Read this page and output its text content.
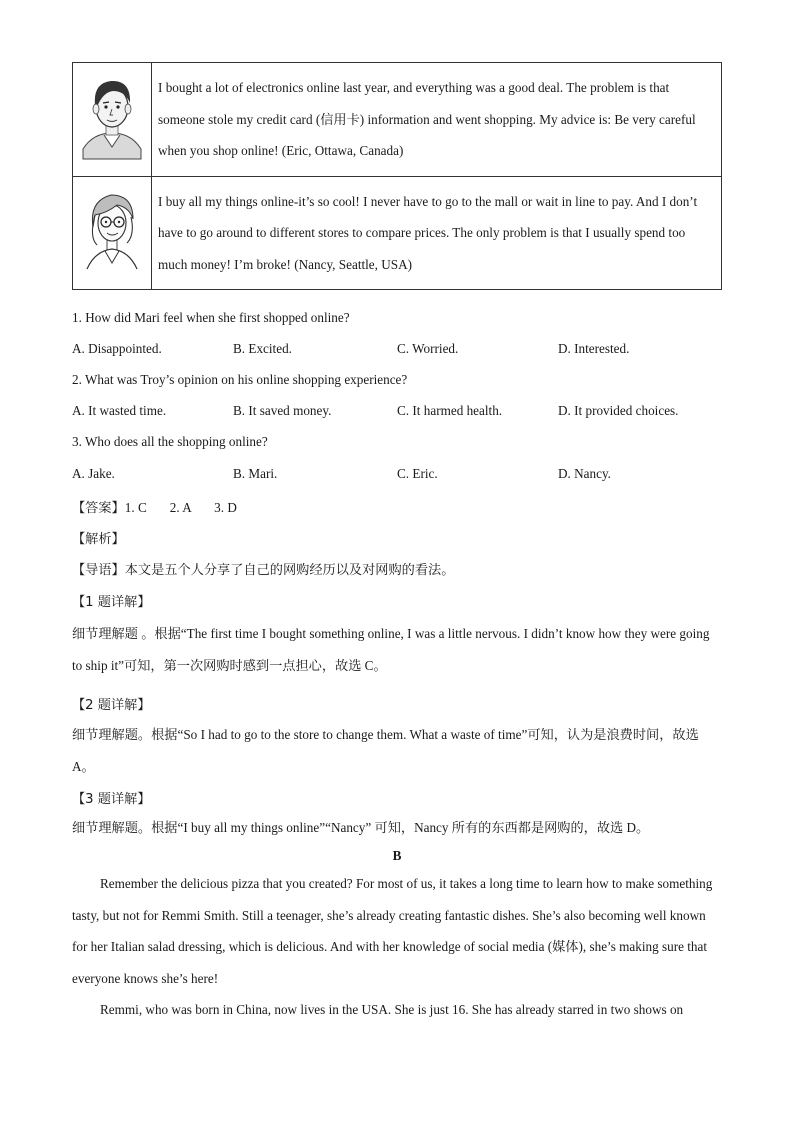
	I bought a lot of electronics online last year, and everything was a good deal. The problem is that someone stole my credit card (信用卡) information and went shopping. My advice is: Be very careful when you shop online! (Eric, Ottawa, Canada)
	I buy all my things online-it’s so cool! I never have to go to the mall or wait in line to pay. And I don’t have to go around to different stores to compare prices. The only problem is that I usually spend too much money! I’m broke! (Nancy, Seattle, USA)
1. How did Mari feel when she first shopped online?
A. Disappointed.	B. Excited.	C. Worried.	D. Interested.
2. What was Troy’s opinion on his online shopping experience?
A. It wasted time.	B. It saved money.	C. It harmed health.	D. It provided choices.
3. Who does all the shopping online?
A. Jake.	B. Mari.	C. Eric.	D. Nancy.
【答案】1. C       2. A       3. D
【解析】
【导语】本文是五个人分享了自己的网购经历以及对网购的看法。
【1 题详解】
细节理解题 。根据“The first time I bought something online, I was a little nervous. I didn’t know how they were going to ship it”可知，第一次网购时感到一点担心，故选 C。
【2 题详解】
细节理解题。根据“So I had to go to the store to change them. What a waste of time”可知，认为是浪费时间，故选 A。
【3 题详解】
细节理解题。根据“I buy all my things online”“Nancy” 可知，Nancy 所有的东西都是网购的，故选 D。
B
Remember the delicious pizza that you created? For most of us, it takes a long time to learn how to make something tasty, but not for Remmi Smith. Still a teenager, she’s already creating fantastic dishes. She’s also becoming well known for her Italian salad dressing, which is delicious. And with her knowledge of social media (媒体), she’s making sure that everyone knows she’s here!
Remmi, who was born in China, now lives in the USA. She is just 16. She has already starred in two shows on
